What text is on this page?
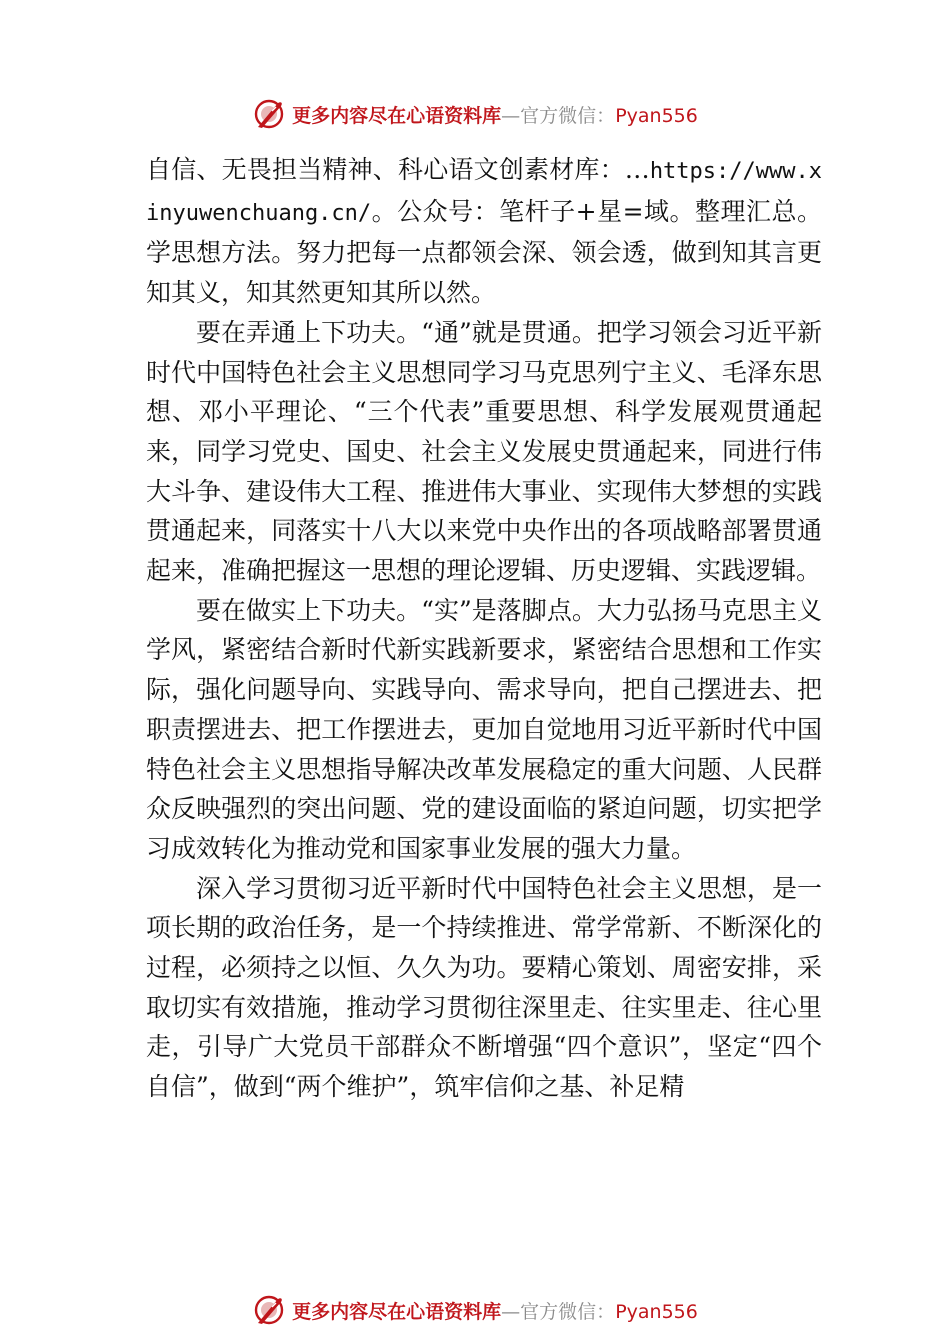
更多内容尽在心语资料库—官方微信：Pyan556

自信、无畏担当精神、科心语文创素材库：…https://www.xinyuwenchuang.cn/。公众号：笔杆子+星=域。整理汇总。学思想方法。努力把每一点都领会深、领会透，做到知其言更知其义，知其然更知其所以然。

要在弄通上下功夫。“通”就是贯通。把学习领会习近平新时代中国特色社会主义思想同学习马克思列宁主义、毛泽东思想、邓小平理论、“三个代表”重要思想、科学发展观贯通起来，同学习党史、国史、社会主义发展史贯通起来，同进行伟大斗争、建设伟大工程、推进伟大事业、实现伟大梦想的实践贯通起来，同落实十八大以来党中央作出的各项战略部署贯通起来，准确把握这一思想的理论逻辑、历史逻辑、实践逻辑。

要在做实上下功夫。“实”是落脚点。大力弘扬马克思主义学风，紧密结合新时代新实践新要求，紧密结合思想和工作实际，强化问题导向、实践导向、需求导向，把自己摆进去、把职责摆进去、把工作摆进去，更加自觉地用习近平新时代中国特色社会主义思想指导解决改革发展稳定的重大问题、人民群众反映强烈的突出问题、党的建设面临的紧迫问题，切实把学习成效转化为推动党和国家事业发展的强大力量。

深入学习贯彻习近平新时代中国特色社会主义思想，是一项长期的政治任务，是一个持续推进、常学常新、不断深化的过程，必须持之以恒、久久为功。要精心策划、周密安排，采取切实有效措施，推动学习贯彻往深里走、往实里走、往心里走，引导广大党员干部群众不断增强“四个意识”，坚定“四个自信”，做到“两个维护”，筑牢信仰之基、补足精

更多内容尽在心语资料库—官方微信：Pyan556
